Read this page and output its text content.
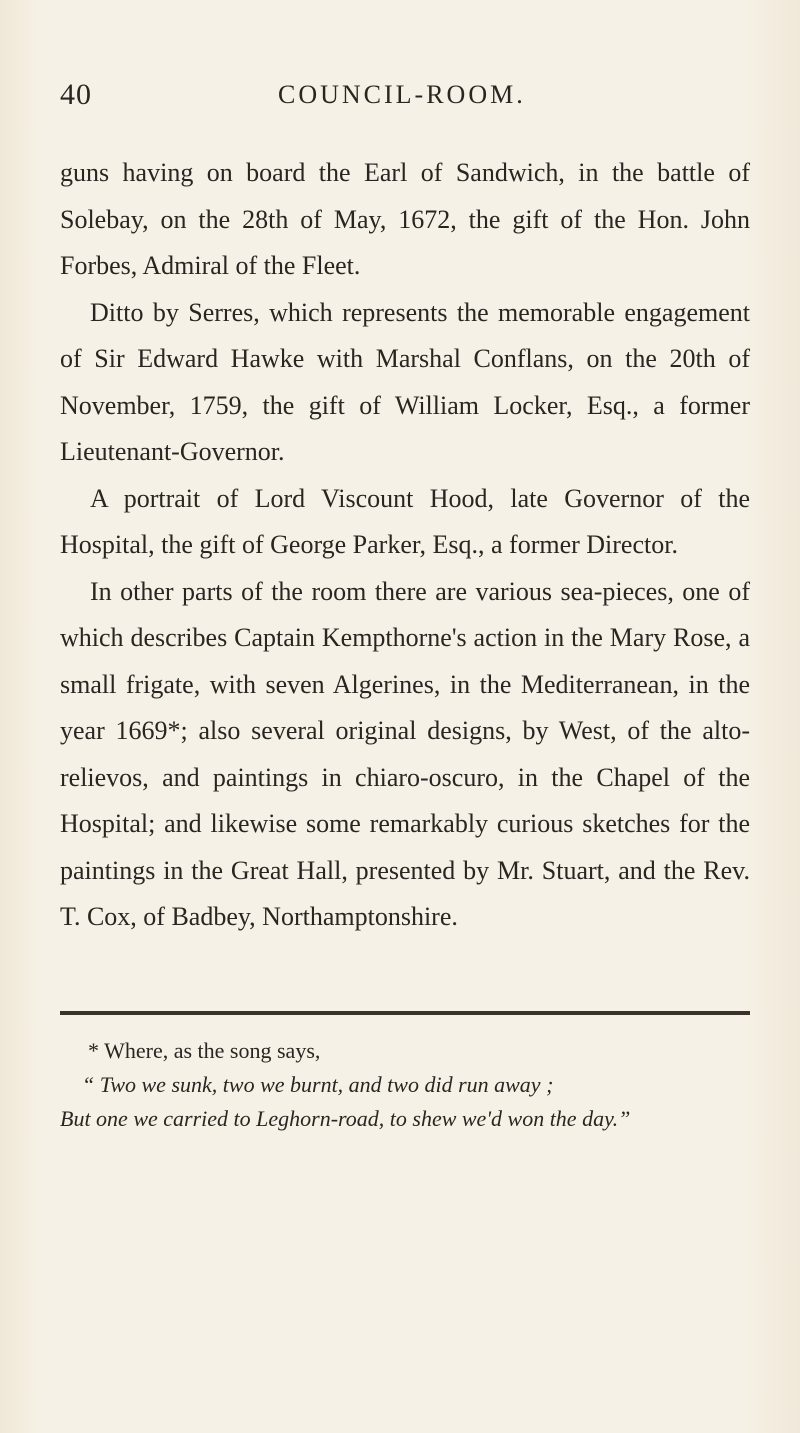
40	COUNCIL-ROOM.

guns having on board the Earl of Sandwich, in the battle of Solebay, on the 28th of May, 1672, the gift of the Hon. John Forbes, Admiral of the Fleet.

Ditto by Serres, which represents the memorable engagement of Sir Edward Hawke with Marshal Conflans, on the 20th of November, 1759, the gift of William Locker, Esq., a former Lieutenant-Governor.

A portrait of Lord Viscount Hood, late Governor of the Hospital, the gift of George Parker, Esq., a former Director.

In other parts of the room there are various sea-pieces, one of which describes Captain Kempthorne's action in the Mary Rose, a small frigate, with seven Algerines, in the Mediterranean, in the year 1669*; also several original designs, by West, of the alto-relievos, and paintings in chiaro-oscuro, in the Chapel of the Hospital; and likewise some remarkably curious sketches for the paintings in the Great Hall, presented by Mr. Stuart, and the Rev. T. Cox, of Badbey, Northamptonshire.

* Where, as the song says,

“ Two we sunk, two we burnt, and two did run away ;

But one we carried to Leghorn-road, to shew we'd won the day.”
